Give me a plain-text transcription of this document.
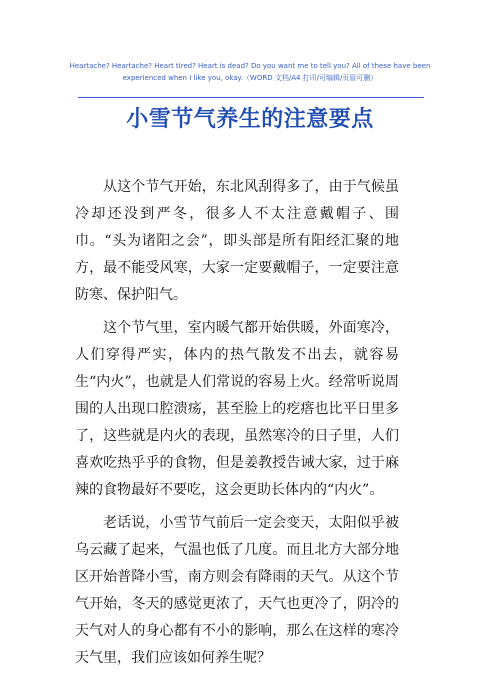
Heartache? Heartache? Heart tired? Heart is dead? Do you want me to tell you? All of these have been
experienced when I like you, okay.（WORD 文档/A4 打印/可编辑/页眉可删）
小雪节气养生的注意要点

从这个节气开始，东北风刮得多了，由于气候虽冷却还没到严冬，很多人不太注意戴帽子、围巾。“头为诸阳之会”，即头部是所有阳经汇聚的地方，最不能受风寒，大家一定要戴帽子，一定要注意防寒、保护阳气。

这个节气里，室内暖气都开始供暖，外面寒冷，人们穿得严实，体内的热气散发不出去，就容易生“内火”，也就是人们常说的容易上火。经常听说周围的人出现口腔溃疡，甚至脸上的疙瘩也比平日里多了，这些就是内火的表现，虽然寒冷的日子里，人们喜欢吃热乎乎的食物，但是姜教授告诫大家，过于麻辣的食物最好不要吃，这会更助长体内的“内火”。

老话说，小雪节气前后一定会变天，太阳似乎被乌云藏了起来，气温也低了几度。而且北方大部分地区开始普降小雪，南方则会有降雨的天气。从这个节气开始，冬天的感觉更浓了，天气也更冷了，阴冷的天气对人的身心都有不小的影响，那么在这样的寒冷天气里，我们应该如何养生呢？
